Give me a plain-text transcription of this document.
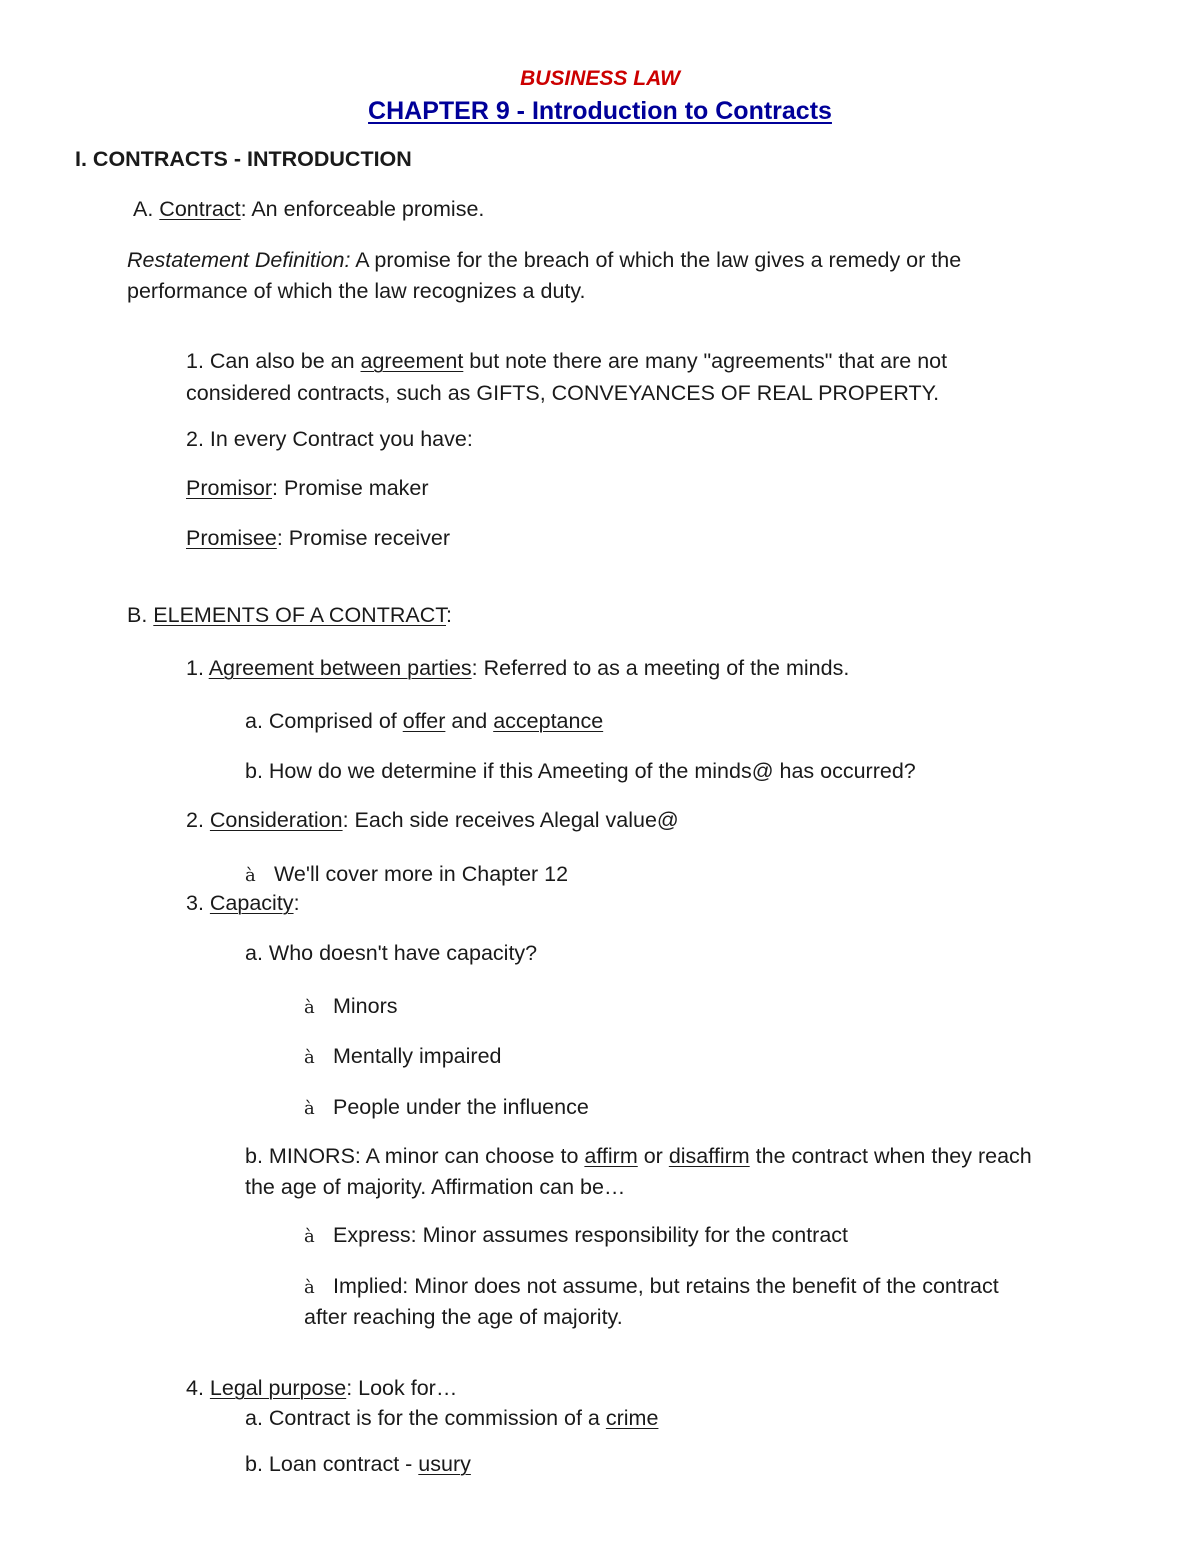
BUSINESS LAW
CHAPTER 9 - Introduction to Contracts
I. CONTRACTS - INTRODUCTION
A. Contract: An enforceable promise.
Restatement Definition: A promise for the breach of which the law gives a remedy or the
performance of which the law recognizes a duty.
1. Can also be an agreement but note there are many "agreements" that are not
considered contracts, such as GIFTS, CONVEYANCES OF REAL PROPERTY.
2. In every Contract you have:
Promisor: Promise maker
Promisee: Promise receiver
B. ELEMENTS OF A CONTRACT:
1. Agreement between parties: Referred to as a meeting of the minds.
a. Comprised of offer and acceptance
b. How do we determine if this Ameeting of the minds@ has occurred?
2. Consideration: Each side receives Alegal value@
à We'll cover more in Chapter 12
3. Capacity:
a. Who doesn't have capacity?
à Minors
à Mentally impaired
à People under the influence
b. MINORS: A minor can choose to affirm or disaffirm the contract when they reach
the age of majority. Affirmation can be…
à Express: Minor assumes responsibility for the contract
à Implied: Minor does not assume, but retains the benefit of the contract
after reaching the age of majority.
4. Legal purpose: Look for…
a. Contract is for the commission of a crime
b. Loan contract - usury
